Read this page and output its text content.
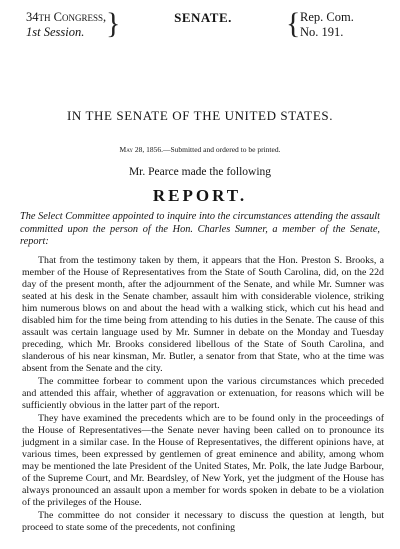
34th Congress,
1st Session. }	SENATE.	{ Rep. Com.
No. 191.
IN THE SENATE OF THE UNITED STATES.
May 28, 1856.—Submitted and ordered to be printed.
Mr. Pearce made the following
REPORT.
The Select Committee appointed to inquire into the circumstances attending the assault committed upon the person of the Hon. Charles Sumner, a member of the Senate, report:

That from the testimony taken by them, it appears that the Hon. Preston S. Brooks, a member of the House of Representatives from the State of South Carolina, did, on the 22d day of the present month, after the adjournment of the Senate, and while Mr. Sumner was seated at his desk in the Senate chamber, assault him with considerable violence, striking him numerous blows on and about the head with a walking stick, which cut his head and disabled him for the time being from attending to his duties in the Senate. The cause of this assault was certain language used by Mr. Sumner in debate on the Monday and Tuesday preceding, which Mr. Brooks considered libellous of the State of South Carolina, and slanderous of his near kinsman, Mr. Butler, a senator from that State, who at the time was absent from the Senate and the city.

The committee forbear to comment upon the various circumstances which preceded and attended this affair, whether of aggravation or extenuation, for reasons which will be sufficiently obvious in the latter part of the report.

They have examined the precedents which are to be found only in the proceedings of the House of Representatives—the Senate never having been called on to pronounce its judgment in a similar case. In the House of Representatives, the different opinions have, at various times, been expressed by gentlemen of great eminence and ability, among whom may be mentioned the late President of the United States, Mr. Polk, the late Judge Barbour, of the Supreme Court, and Mr. Beardsley, of New York, yet the judgment of the House has always pronounced an assault upon a member for words spoken in debate to be a violation of the privileges of the House.

The committee do not consider it necessary to discuss the question at length, but proceed to state some of the precedents, not confining
